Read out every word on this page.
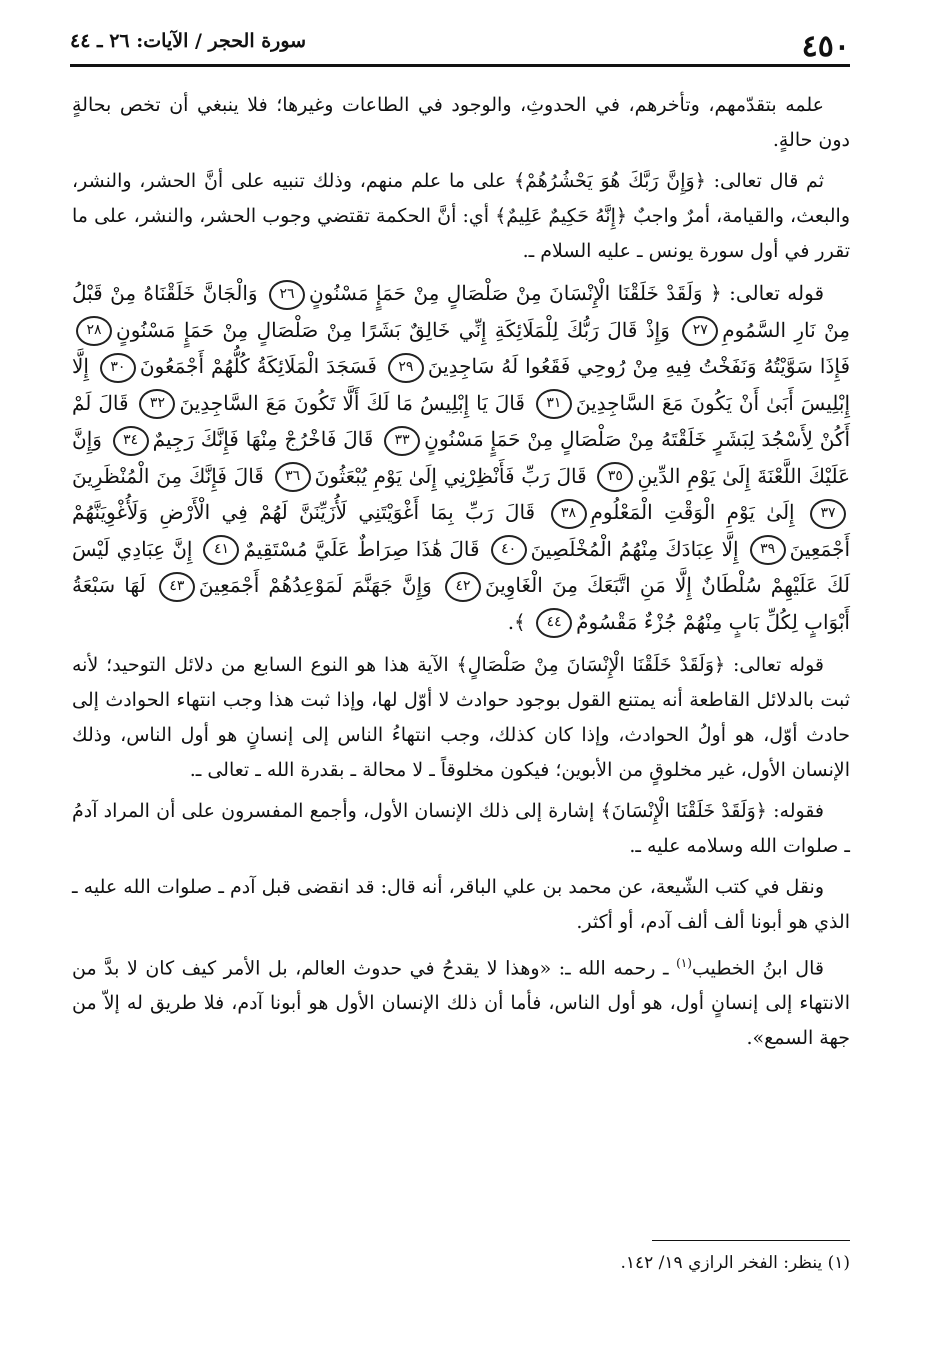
٤٥٠
سورة الحجر / الآيات: ٢٦ ـ ٤٤

علمه بتقدّمهم، وتأخرهم، في الحدوثِ، والوجود في الطاعات وغيرها؛ فلا ينبغي أن تخص بحالةٍ دون حالةٍ.

ثم قال تعالى: ﴿وَإِنَّ رَبَّكَ هُوَ يَحْشُرُهُمْ﴾ على ما علم منهم، وذلك تنبيه على أنَّ الحشر، والنشر، والبعث، والقيامة، أمرٌ واجبٌ ﴿إِنَّهُ حَكِيمٌ عَلِيمٌ﴾ أي: أنَّ الحكمة تقتضي وجوب الحشر، والنشر، على ما تقرر في أول سورة يونس ـ عليه السلام ـ.

قوله تعالى: ﴿ وَلَقَدْ خَلَقْنَا الْإِنْسَانَ مِنْ صَلْصَالٍ مِنْ حَمَإٍ مَسْنُونٍ٢٦ وَالْجَانَّ خَلَقْنَاهُ مِنْ قَبْلُ مِنْ نَارِ السَّمُومِ٢٧ وَإِذْ قَالَ رَبُّكَ لِلْمَلَائِكَةِ إِنِّي خَالِقٌ بَشَرًا مِنْ صَلْصَالٍ مِنْ حَمَإٍ مَسْنُونٍ٢٨ فَإِذَا سَوَّيْتُهُ وَنَفَخْتُ فِيهِ مِنْ رُوحِي فَقَعُوا لَهُ سَاجِدِينَ٢٩ فَسَجَدَ الْمَلَائِكَةُ كُلُّهُمْ أَجْمَعُونَ٣٠ إِلَّا إِبْلِيسَ أَبَىٰ أَنْ يَكُونَ مَعَ السَّاجِدِينَ٣١ قَالَ يَا إِبْلِيسُ مَا لَكَ أَلَّا تَكُونَ مَعَ السَّاجِدِينَ٣٢ قَالَ لَمْ أَكُنْ لِأَسْجُدَ لِبَشَرٍ خَلَقْتَهُ مِنْ صَلْصَالٍ مِنْ حَمَإٍ مَسْنُونٍ٣٣ قَالَ فَاخْرُجْ مِنْهَا فَإِنَّكَ رَجِيمٌ٣٤ وَإِنَّ عَلَيْكَ اللَّعْنَةَ إِلَىٰ يَوْمِ الدِّينِ٣٥ قَالَ رَبِّ فَأَنْظِرْنِي إِلَىٰ يَوْمِ يُبْعَثُونَ٣٦ قَالَ فَإِنَّكَ مِنَ الْمُنْظَرِينَ٣٧ إِلَىٰ يَوْمِ الْوَقْتِ الْمَعْلُومِ٣٨ قَالَ رَبِّ بِمَا أَغْوَيْتَنِي لَأُزَيِّنَنَّ لَهُمْ فِي الْأَرْضِ وَلَأُغْوِيَنَّهُمْ أَجْمَعِينَ٣٩ إِلَّا عِبَادَكَ مِنْهُمُ الْمُخْلَصِينَ٤٠ قَالَ هَٰذَا صِرَاطٌ عَلَيَّ مُسْتَقِيمٌ٤١ إِنَّ عِبَادِي لَيْسَ لَكَ عَلَيْهِمْ سُلْطَانٌ إِلَّا مَنِ اتَّبَعَكَ مِنَ الْغَاوِينَ٤٢ وَإِنَّ جَهَنَّمَ لَمَوْعِدُهُمْ أَجْمَعِينَ٤٣ لَهَا سَبْعَةُ أَبْوَابٍ لِكُلِّ بَابٍ مِنْهُمْ جُزْءٌ مَقْسُومٌ٤٤ ﴾.

قوله تعالى: ﴿وَلَقَدْ خَلَقْنَا الْإِنْسَانَ مِنْ صَلْصَالٍ﴾ الآية هذا هو النوع السابع من دلائل التوحيد؛ لأنه ثبت بالدلائل القاطعة أنه يمتنع القول بوجود حوادث لا أوّل لها، وإذا ثبت هذا وجب انتهاء الحوادث إلى حادث أوّل، هو أولُ الحوادث، وإذا كان كذلك، وجب انتهاءُ الناس إلى إنسانٍ هو أول الناس، وذلك الإنسان الأول، غير مخلوقٍ من الأبوين؛ فيكون مخلوقاً ـ لا محالة ـ بقدرة الله ـ تعالى ـ.

فقوله: ﴿وَلَقَدْ خَلَقْنَا الْإِنْسَانَ﴾ إشارة إلى ذلك الإنسان الأول، وأجمع المفسرون على أن المراد آدمُ ـ صلوات الله وسلامه عليه ـ.

ونقل في كتب الشّيعة، عن محمد بن علي الباقر، أنه قال: قد انقضى قبل آدم ـ صلوات الله عليه ـ الذي هو أبونا ألف ألف آدم، أو أكثر.

قال ابنُ الخطيب$^{(١)}$ ـ رحمه الله ـ: «وهذا لا يقدحُ في حدوث العالم، بل الأمر كيف كان لا بدَّ من الانتهاء إلى إنسانٍ أول، هو أول الناس، فأما أن ذلك الإنسان الأول هو أبونا آدم، فلا طريق له إلاّ من جهة السمع».

(١) ينظر: الفخر الرازي ١٩/ ١٤٢.
